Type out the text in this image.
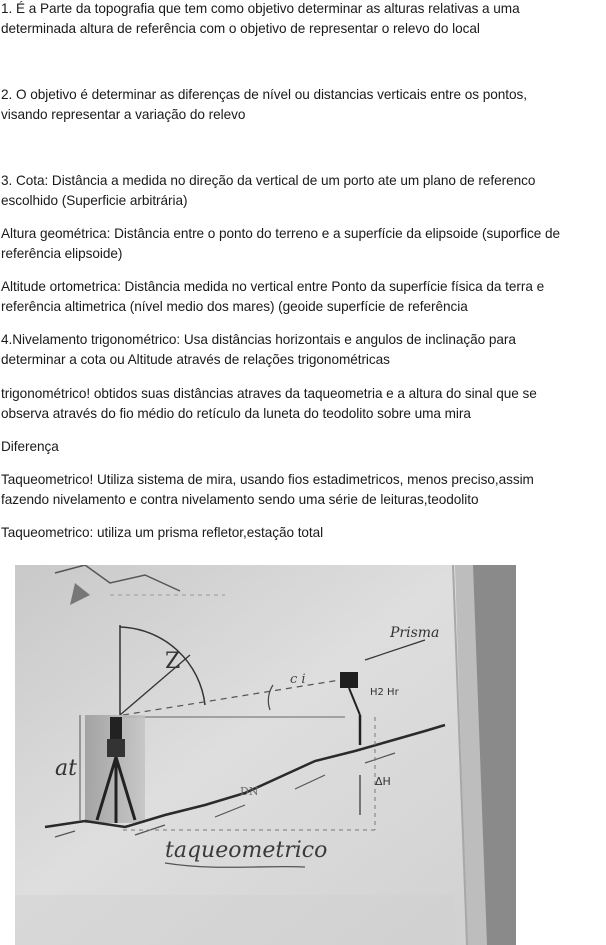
1. É a Parte da topografia que tem como objetivo determinar as alturas relativas a uma
determinada altura de referência com o objetivo de representar o relevo do local
2. O objetivo é determinar as diferenças de nível ou distancias verticais entre os pontos,
visando representar a variação do relevo
3. Cota: Distância a medida no direção da vertical de um porto ate um plano de referenco
escolhido (Superficie arbitrária)
Altura geométrica: Distância entre o ponto do terreno e a superfície da elipsoide (suporfice de
referência elipsoide)
Altitude ortometrica: Distância medida no vertical entre Ponto da superfície física da terra e
referência altimetrica (nível medio dos mares) (geoide superfície de referência
4.Nivelamento trigonométrico: Usa distâncias horizontais e angulos de inclinação para
determinar a cota ou Altitude através de relações trigonométricas
trigonométrico! obtidos suas distâncias atraves da taqueometria e a altura do sinal que se
observa através do fio médio do retículo da luneta do teodolito sobre uma mira
Diferença
Taqueometrico! Utiliza sistema de mira, usando fios estadimetricos, menos preciso,assim
fazendo nivelamento e contra nivelamento sendo uma série de leituras,teodolito
Taqueometrico: utiliza um prisma refletor,estação total
Z
c i
at
Prisma
H2 Hr
ΔH
DN
taqueometrico
